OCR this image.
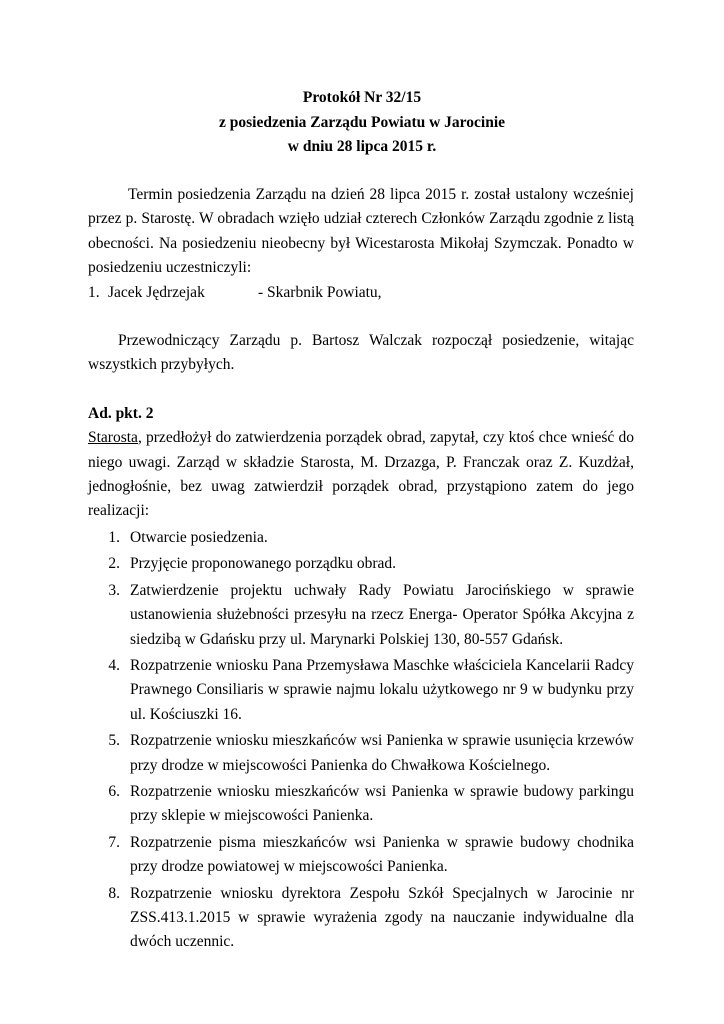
Protokół Nr 32/15
z posiedzenia Zarządu Powiatu w Jarocinie
w dniu 28 lipca 2015 r.

Termin posiedzenia Zarządu na dzień 28 lipca 2015 r. został ustalony wcześniej przez p. Starostę. W obradach wzięło udział czterech Członków Zarządu zgodnie z listą obecności. Na posiedzeniu nieobecny był Wicestarosta Mikołaj Szymczak. Ponadto w posiedzeniu uczestniczyli:

1. Jacek Jędrzejak	- Skarbnik Powiatu,

Przewodniczący Zarządu p. Bartosz Walczak rozpoczął posiedzenie, witając wszystkich przybyłych.

Ad. pkt. 2

Starosta, przedłożył do zatwierdzenia porządek obrad, zapytał, czy ktoś chce wnieść do niego uwagi. Zarząd w składzie Starosta, M. Drzazga, P. Franczak oraz Z. Kuzdżał, jednogłośnie, bez uwag zatwierdził porządek obrad, przystąpiono zatem do jego realizacji:

1. Otwarcie posiedzenia.
2. Przyjęcie proponowanego porządku obrad.
3. Zatwierdzenie projektu uchwały Rady Powiatu Jarocińskiego w sprawie ustanowienia służebności przesyłu na rzecz Energa- Operator Spółka Akcyjna z siedzibą w Gdańsku przy ul. Marynarki Polskiej 130, 80-557 Gdańsk.
4. Rozpatrzenie wniosku Pana Przemysława Maschke właściciela Kancelarii Radcy Prawnego Consiliaris w sprawie najmu lokalu użytkowego nr 9 w budynku przy ul. Kościuszki 16.
5. Rozpatrzenie wniosku mieszkańców wsi Panienka w sprawie usunięcia krzewów przy drodze w miejscowości Panienka do Chwałkowa Kościelnego.
6. Rozpatrzenie wniosku mieszkańców wsi Panienka w sprawie budowy parkingu przy sklepie w miejscowości Panienka.
7. Rozpatrzenie pisma mieszkańców wsi Panienka w sprawie budowy chodnika przy drodze powiatowej w miejscowości Panienka.
8. Rozpatrzenie wniosku dyrektora Zespołu Szkół Specjalnych w Jarocinie nr ZSS.413.1.2015 w sprawie wyrażenia zgody na nauczanie indywidualne dla dwóch uczennic.
